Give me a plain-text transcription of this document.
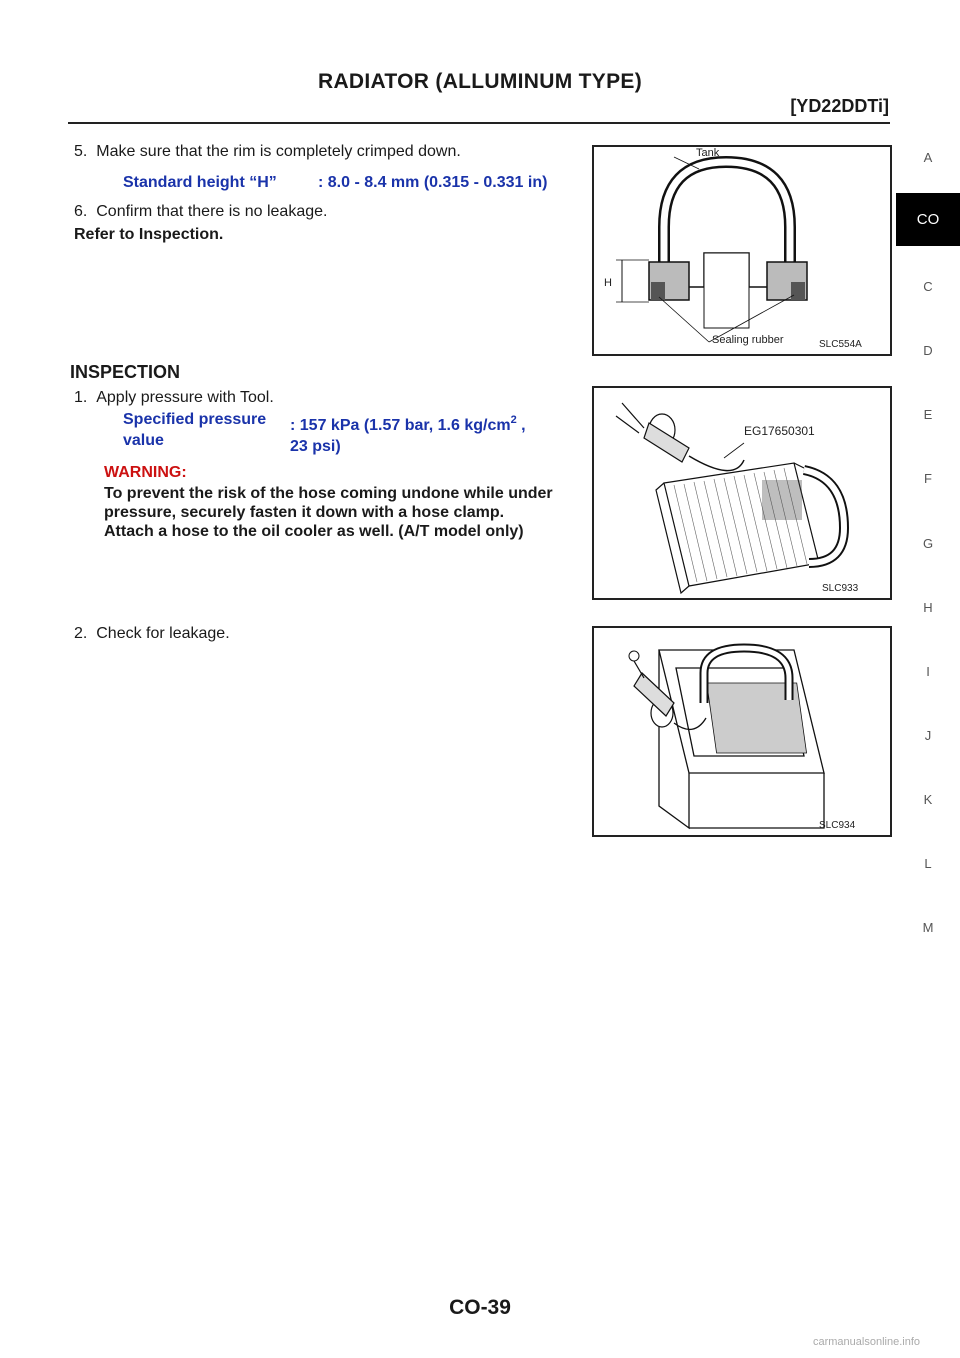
RADIATOR (ALLUMINUM TYPE)
[YD22DDTi]
5.  Make sure that the rim is completely crimped down.
Standard height “H”	: 8.0 - 8.4 mm (0.315 - 0.331 in)
6.  Confirm that there is no leakage.
Refer to Inspection.
Tank
H
Sealing rubber	SLC554A
INSPECTION
1.  Apply pressure with Tool.
Specified pressure
value
: 157 kPa (1.57 bar, 1.6 $kg/cm^2$ ,
23 psi)
WARNING:
To prevent the risk of the hose coming undone while under
pressure, securely fasten it down with a hose clamp.
Attach a hose to the oil cooler as well. (A/T model only)
EG17650301
SLC933
2.  Check for leakage.
SLC934
A
CO
C
D
E
F
G
H
I
J
K
L
M
CO-39
carmanualsonline.info
